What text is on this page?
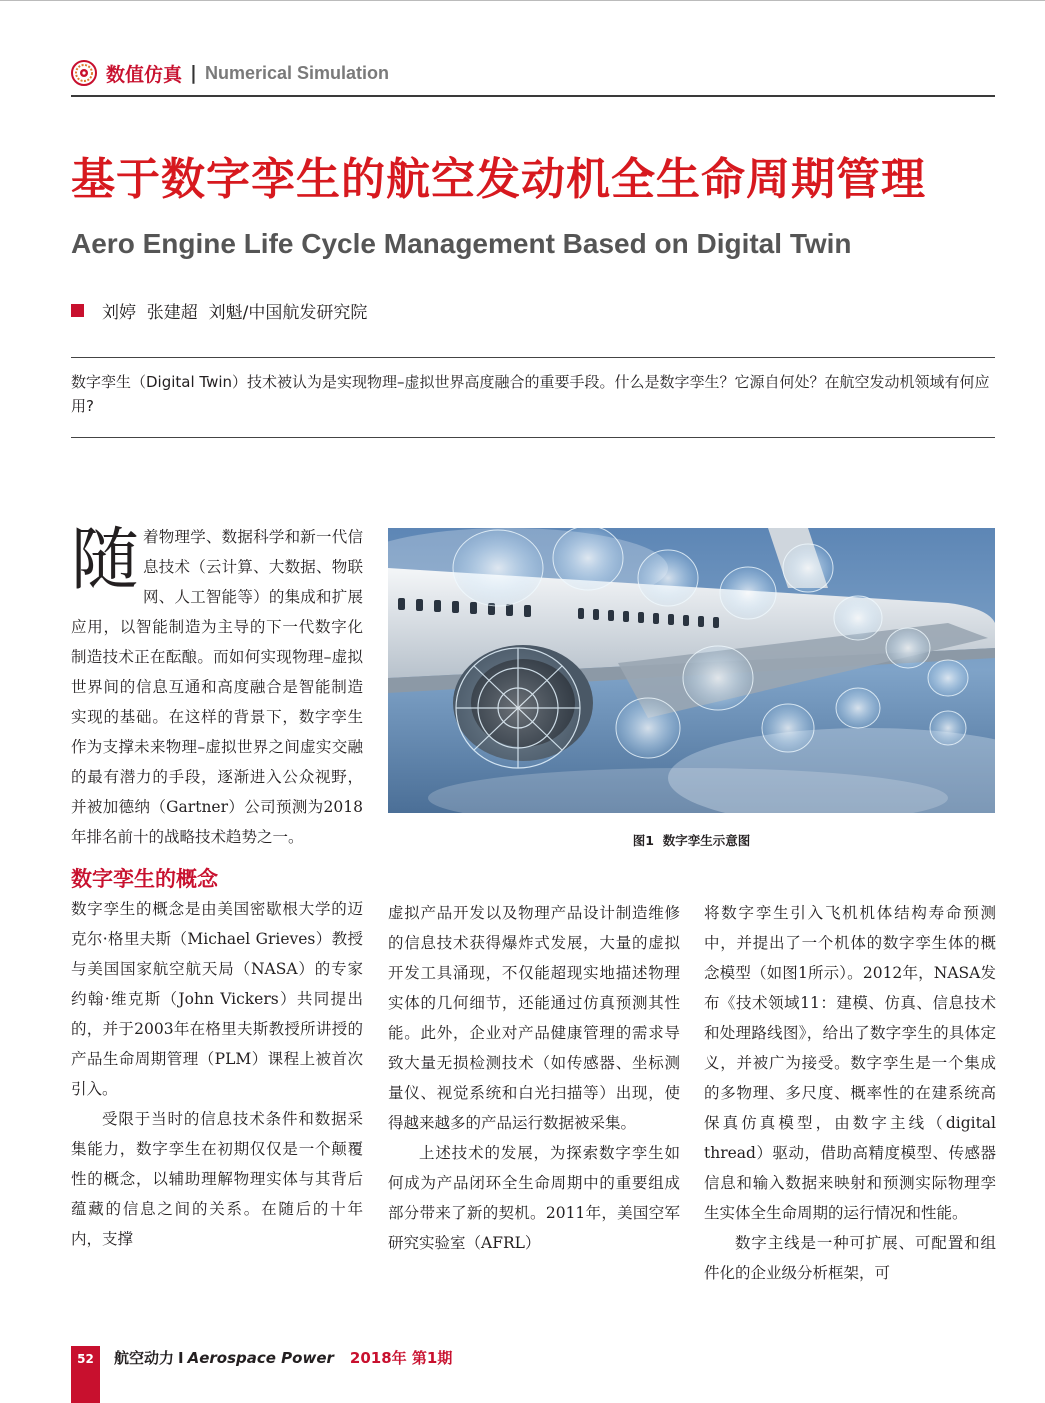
数值仿真 | Numerical Simulation
基于数字孪生的航空发动机全生命周期管理
Aero Engine Life Cycle Management Based on Digital Twin
刘婷  张建超  刘魁/中国航发研究院
数字孪生（Digital Twin）技术被认为是实现物理–虚拟世界高度融合的重要手段。什么是数字孪生？它源自何处？在航空发动机领域有何应用?
随 着物理学、数据科学和新一代信息技术（云计算、大数据、物联网、人工智能等）的集成和扩展应用，以智能制造为主导的下一代数字化制造技术正在酝酿。而如何实现物理–虚拟世界间的信息互通和高度融合是智能制造实现的基础。在这样的背景下，数字孪生作为支撑未来物理–虚拟世界之间虚实交融的最有潜力的手段，逐渐进入公众视野，并被加德纳（Gartner）公司预测为2018年排名前十的战略技术趋势之一。

数字孪生的概念

数字孪生的概念是由美国密歇根大学的迈克尔·格里夫斯（Michael Grieves）教授与美国国家航空航天局（NASA）的专家约翰·维克斯（John Vickers）共同提出的，并于2003年在格里夫斯教授所讲授的产品生命周期管理（PLM）课程上被首次引入。

受限于当时的信息技术条件和数据采集能力，数字孪生在初期仅仅是一个颠覆性的概念，以辅助理解物理实体与其背后蕴藏的信息之间的关系。在随后的十年内，支撑

图1  数字孪生示意图

虚拟产品开发以及物理产品设计制造维修的信息技术获得爆炸式发展，大量的虚拟开发工具涌现，不仅能超现实地描述物理实体的几何细节，还能通过仿真预测其性能。此外，企业对产品健康管理的需求导致大量无损检测技术（如传感器、坐标测量仪、视觉系统和白光扫描等）出现，使得越来越多的产品运行数据被采集。

上述技术的发展，为探索数字孪生如何成为产品闭环全生命周期中的重要组成部分带来了新的契机。2011年，美国空军研究实验室（AFRL）

将数字孪生引入飞机机体结构寿命预测中，并提出了一个机体的数字孪生体的概念模型（如图1所示）。2012年，NASA发布《技术领域11：建模、仿真、信息技术和处理路线图》，给出了数字孪生的具体定义，并被广为接受。数字孪生是一个集成的多物理、多尺度、概率性的在建系统高保真仿真模型，由数字主线（digital thread）驱动，借助高精度模型、传感器信息和输入数据来映射和预测实际物理孪生实体全生命周期的运行情况和性能。

数字主线是一种可扩展、可配置和组件化的企业级分析框架，可

52	航空动力 I Aerospace Power 2018年 第1期
